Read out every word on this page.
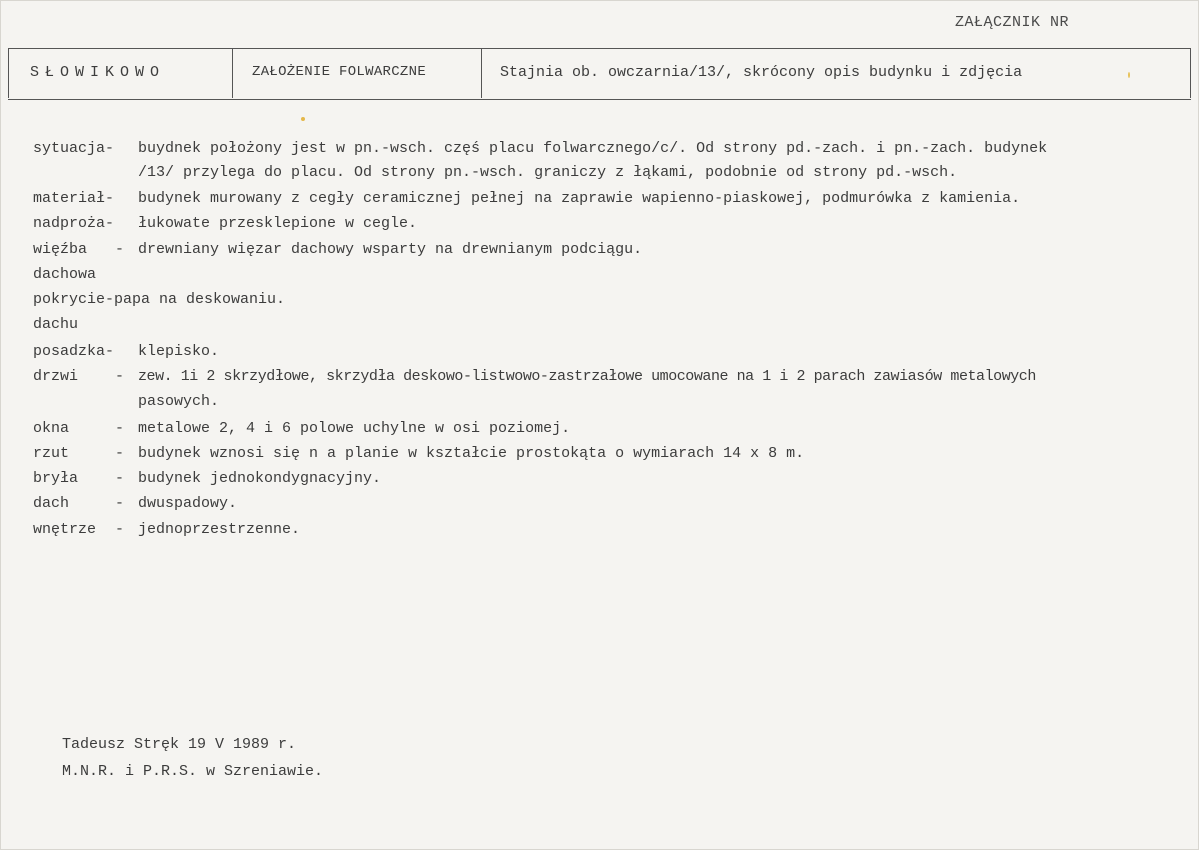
ZAŁĄCZNIK NR
SŁOWIKOWO	ZAŁOŻENIE FOLWARCZNE	Stajnia ob. owczarnia/13/, skrócony opis budynku i zdjęcia
sytuacja- buydnek położony jest w pn.-wsch. częś placu folwarcznego/c/. Od strony pd.-zach. i pn.-zach. budynek
/13/ przylega do placu. Od strony pn.-wsch. graniczy z łąkami, podobnie od strony pd.-wsch.
materiał- budynek murowany z cegły ceramicznej pełnej na zaprawie wapienno-piaskowej, podmurówka z kamienia.
nadproża- łukowate przesklepione w cegle.
więźba - drewniany więzar dachowy wsparty na drewnianym podciągu.
dachowa
pokrycie-papa na deskowaniu.
dachu
posadzka- klepisko.
drzwi - zew. 1i 2 skrzydłowe, skrzydła deskowo-listwowo-zastrzałowe umocowane na 1 i 2 parach zawiasów metalowych
pasowych.
okna	- metalowe 2, 4 i 6 polowe uchylne w osi poziomej.
rzut	- budynek wznosi się n a planie w kształcie prostokąta o wymiarach 14 x 8 m.
bryła - budynek jednokondygnacyjny.
dach	- dwuspadowy.
wnętrze - jednoprzestrzenne.
Tadeusz Stręk 19 V 1989 r.
M.N.R. i P.R.S. w Szreniawie.
